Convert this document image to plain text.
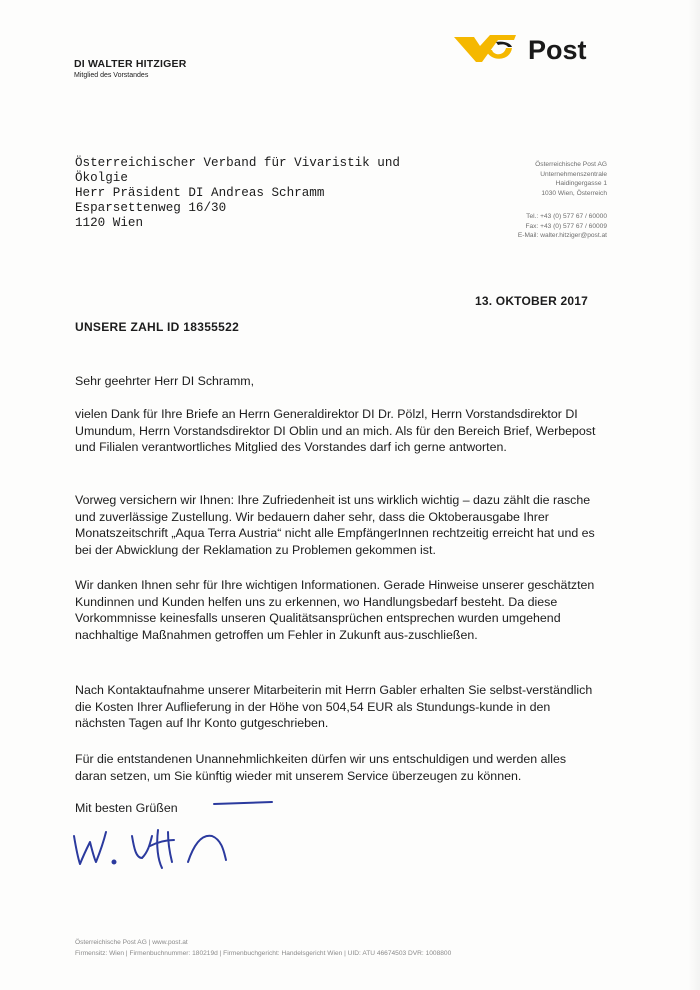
DI WALTER HITZIGER
Mitglied des Vorstandes
Post
Österreichischer Verband für Vivaristik und
Ökolgie
Herr Präsident DI Andreas Schramm
Esparsettenweg 16/30
1120 Wien
Österreichische Post AG
Unternehmenszentrale
Haidingergasse 1
1030 Wien, Österreich
Tel.: +43 (0) 577 67 / 60000
Fax: +43 (0) 577 67 / 60009
E-Mail: walter.hitziger@post.at
13. OKTOBER 2017
UNSERE ZAHL ID 18355522
Sehr geehrter Herr DI Schramm,

vielen Dank für Ihre Briefe an Herrn Generaldirektor DI Dr. Pölzl, Herrn Vorstandsdirektor DI Umundum, Herrn Vorstandsdirektor DI Oblin und an mich. Als für den Bereich Brief, Werbepost und Filialen verantwortliches Mitglied des Vorstandes darf ich gerne antworten.

Vorweg versichern wir Ihnen: Ihre Zufriedenheit ist uns wirklich wichtig – dazu zählt die rasche und zuverlässige Zustellung. Wir bedauern daher sehr, dass die Oktoberausgabe Ihrer Monatszeitschrift „Aqua Terra Austria“ nicht alle EmpfängerInnen rechtzeitig erreicht hat und es bei der Abwicklung der Reklamation zu Problemen gekommen ist.

Wir danken Ihnen sehr für Ihre wichtigen Informationen. Gerade Hinweise unserer geschätzten Kundinnen und Kunden helfen uns zu erkennen, wo Handlungsbedarf besteht. Da diese Vorkommnisse keinesfalls unseren Qualitätsansprüchen entsprechen wurden umgehend nachhaltige Maßnahmen getroffen um Fehler in Zukunft aus-zuschließen.

Nach Kontaktaufnahme unserer Mitarbeiterin mit Herrn Gabler erhalten Sie selbst-verständlich die Kosten Ihrer Auflieferung in der Höhe von 504,54 EUR als Stundungs-kunde in den nächsten Tagen auf Ihr Konto gutgeschrieben.

Für die entstandenen Unannehmlichkeiten dürfen wir uns entschuldigen und werden alles daran setzen, um Sie künftig wieder mit unserem Service überzeugen zu können.

Mit besten Grüßen
Österreichische Post AG | www.post.at
Firmensitz: Wien | Firmenbuchnummer: 180219d | Firmenbuchgericht: Handelsgericht Wien | UID: ATU 46674503 DVR: 1008800
